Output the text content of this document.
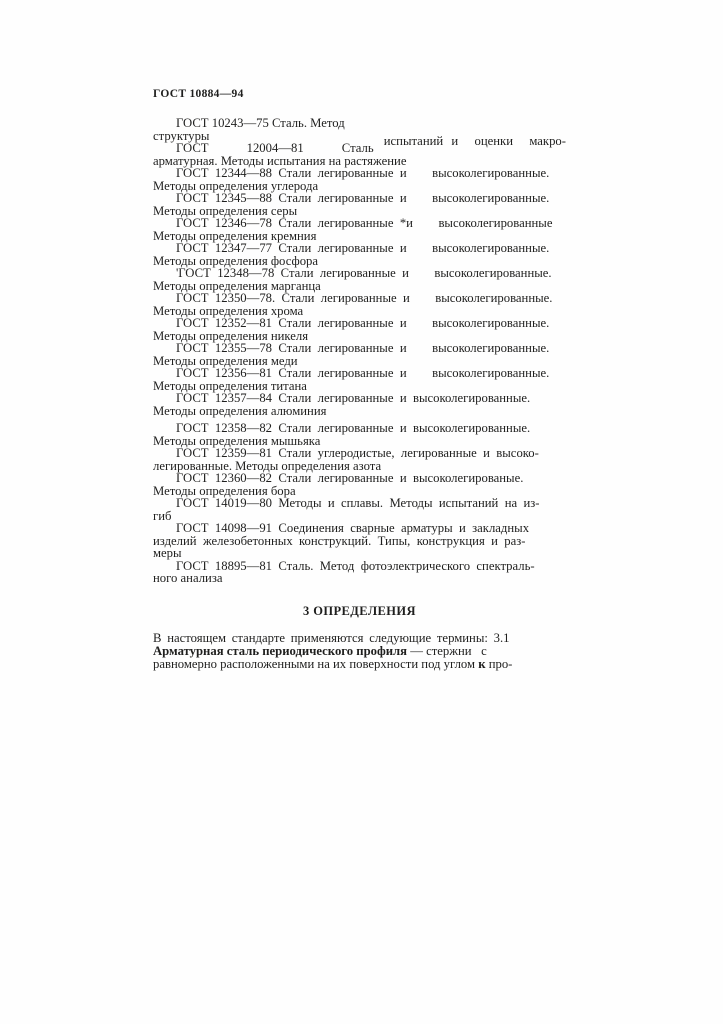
ГОСТ 10884—94
ГОСТ 10243—75 Сталь. Метод
структуры	испытаний и  оценки  макро-
ГОСТ            12004—81            Сталь
арматурная. Методы испытания на растяжение
ГОСТ 12344—88 Стали легированные и    высоколегированные.
Методы определения углерода
ГОСТ 12345—88 Стали легированные и    высоколегированные.
Методы определения серы
ГОСТ 12346—78 Стали легированные *и    высоколегированные
Методы определения кремния
ГОСТ 12347—77 Стали легированные и    высоколегированные.
Методы определения фосфора
'ГОСТ 12348—78 Стали легированные и    высоколегированные.
Методы определения марганца
ГОСТ 12350—78. Стали легированные и    высоколегированные.
Методы определения хрома
ГОСТ 12352—81 Стали легированные и    высоколегированные.
Методы определения никеля
ГОСТ 12355—78 Стали легированные и    высоколегированные.
Методы определения меди
ГОСТ 12356—81 Стали легированные и    высоколегированные.
Методы определения титана
ГОСТ 12357—84 Стали легированные и высоколегированные.
Методы определения алюминия
ГОСТ 12358—82 Стали легированные и высоколегированные.
Методы определения мышьяка
ГОСТ 12359—81 Стали углеродистые, легированные и высоко-
легированные. Методы определения азота
ГОСТ 12360—82 Стали легированные и высоколегированые.
Методы определения бора
ГОСТ 14019—80 Методы и сплавы. Методы испытаний на из-
гиб
ГОСТ 14098—91 Соединения сварные арматуры и закладных
изделий железобетонных конструкций. Типы, конструкция и раз-
меры
ГОСТ 18895—81 Сталь. Метод фотоэлектрического спектраль-
ного анализа
3 ОПРЕДЕЛЕНИЯ
В настоящем стандарте применяются следующие термины: 3.1
Арматурная сталь периодического профиля — стержни   с
равномерно расположенными на их поверхности под углом к про-
